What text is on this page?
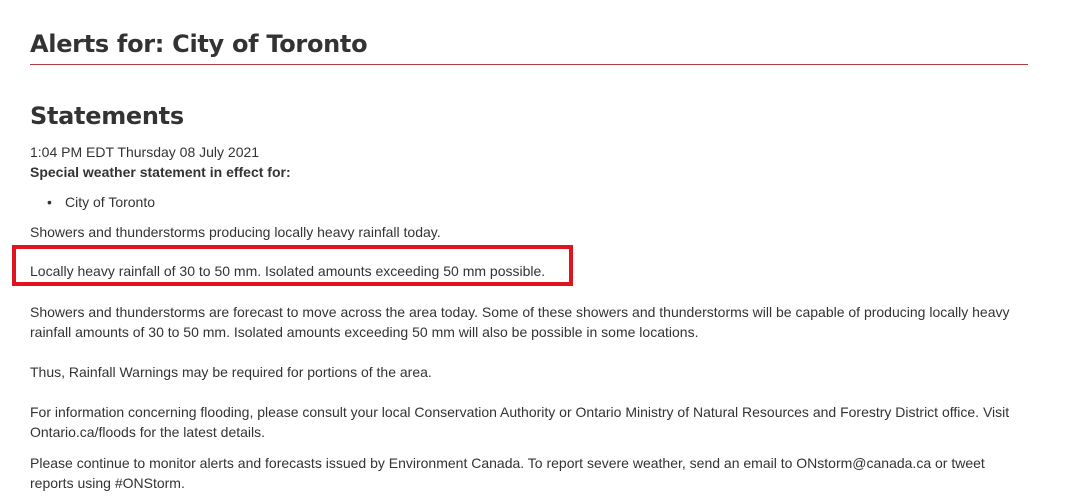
Alerts for: City of Toronto
Statements
1:04 PM EDT Thursday 08 July 2021
Special weather statement in effect for:
• City of Toronto
Showers and thunderstorms producing locally heavy rainfall today.
Locally heavy rainfall of 30 to 50 mm. Isolated amounts exceeding 50 mm possible.
Showers and thunderstorms are forecast to move across the area today. Some of these showers and thunderstorms will be capable of producing locally heavy rainfall amounts of 30 to 50 mm. Isolated amounts exceeding 50 mm will also be possible in some locations.
Thus, Rainfall Warnings may be required for portions of the area.
For information concerning flooding, please consult your local Conservation Authority or Ontario Ministry of Natural Resources and Forestry District office. Visit Ontario.ca/floods for the latest details.
Please continue to monitor alerts and forecasts issued by Environment Canada. To report severe weather, send an email to ONstorm@canada.ca or tweet reports using #ONStorm.
